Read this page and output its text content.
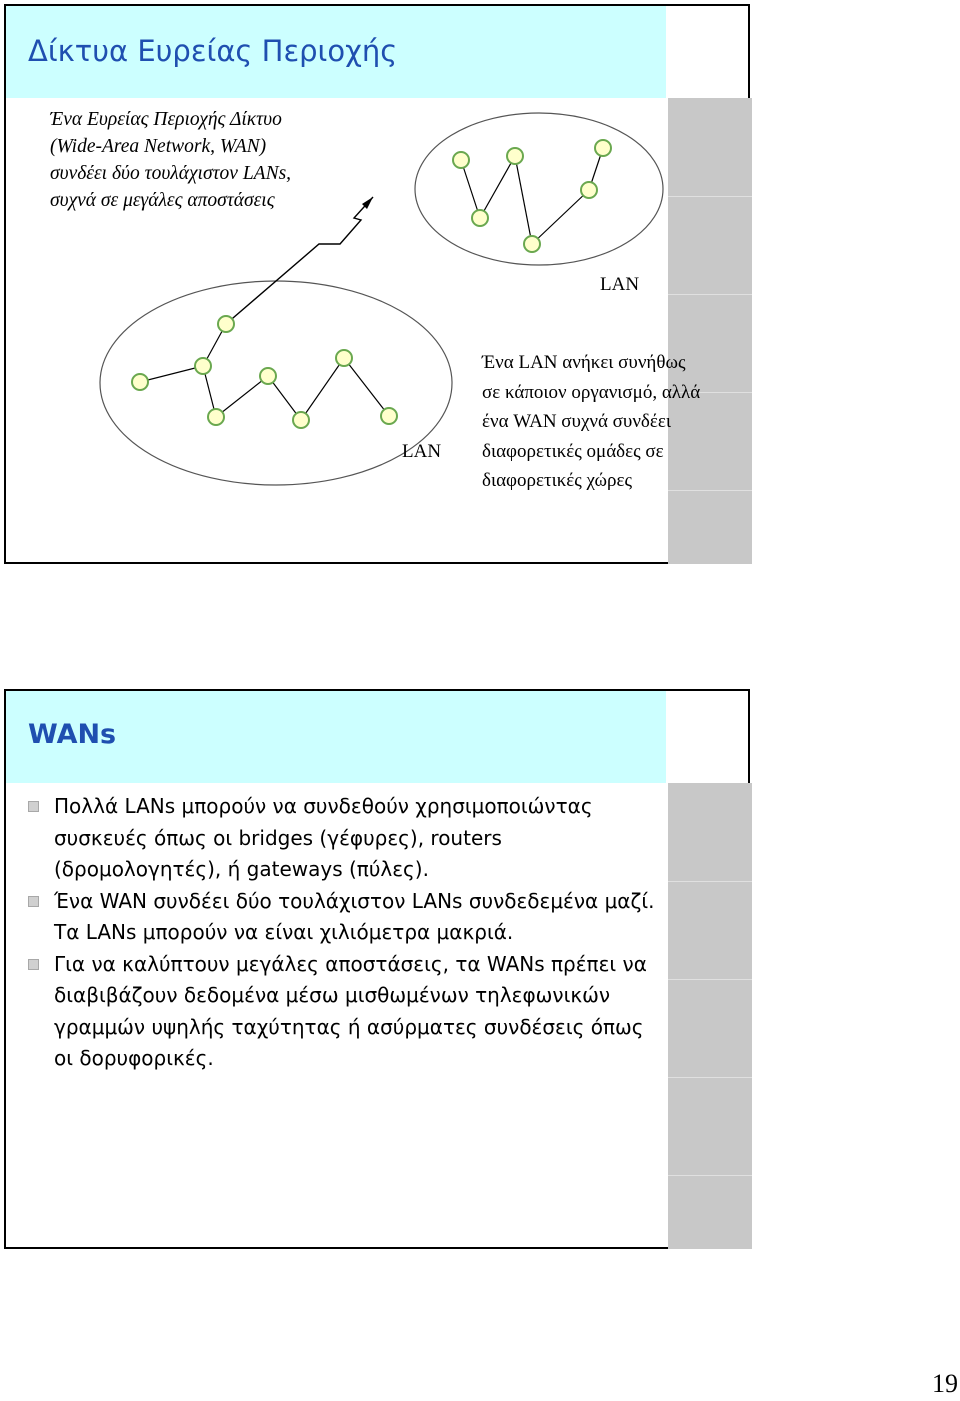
Δίκτυα Ευρείας Περιοχής
Ένα Ευρείας Περιοχής Δίκτυο
(Wide-Area Network, WAN)
συνδέει δύο τουλάχιστον LANs,
συχνά σε μεγάλες αποστάσεις
LAN
LAN
Ένα LAN ανήκει συνήθως
σε κάποιον οργανισμό, αλλά
ένα WAN συχνά συνδέει
διαφορετικές ομάδες σε
διαφορετικές χώρες
WANs
Πολλά LANs μπορούν να συνδεθούν χρησιμοποιώντας συσκευές όπως οι bridges (γέφυρες), routers (δρομολογητές), ή gateways (πύλες).
Ένα WAN συνδέει δύο τουλάχιστον LANs συνδεδεμένα μαζί. Τα LANs μπορούν να είναι χιλιόμετρα μακριά.
Για να καλύπτουν μεγάλες αποστάσεις, τα WANs πρέπει να διαβιβάζουν δεδομένα μέσω μισθωμένων τηλεφωνικών γραμμών υψηλής ταχύτητας ή ασύρματες συνδέσεις όπως οι δορυφορικές.
19
